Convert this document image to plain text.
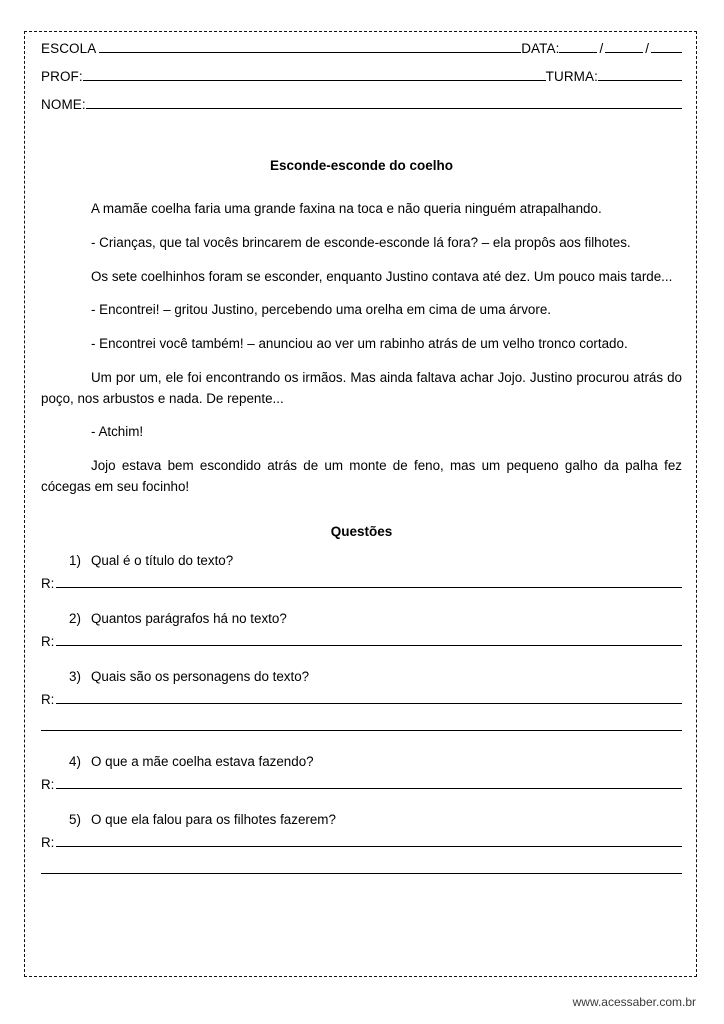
ESCOLA	DATA:	/	/
PROF:	TURMA:
NOME:
Esconde-esconde do coelho

A mamãe coelha faria uma grande faxina na toca e não queria ninguém atrapalhando.

- Crianças, que tal vocês brincarem de esconde-esconde lá fora? – ela propôs aos filhotes.

Os sete coelhinhos foram se esconder, enquanto Justino contava até dez. Um pouco mais tarde...

- Encontrei! – gritou Justino, percebendo uma orelha em cima de uma árvore.

- Encontrei você também! – anunciou ao ver um rabinho atrás de um velho tronco cortado.

Um por um, ele foi encontrando os irmãos. Mas ainda faltava achar Jojo. Justino procurou atrás do poço, nos arbustos e nada. De repente...

- Atchim!

Jojo estava bem escondido atrás de um monte de feno, mas um pequeno galho da palha fez cócegas em seu focinho!

Questões
1) Qual é o título do texto?
R:
2) Quantos parágrafos há no texto?
R:
3) Quais são os personagens do texto?
R:
4) O que a mãe coelha estava fazendo?
R:
5) O que ela falou para os filhotes fazerem?
R:
www.acessaber.com.br
